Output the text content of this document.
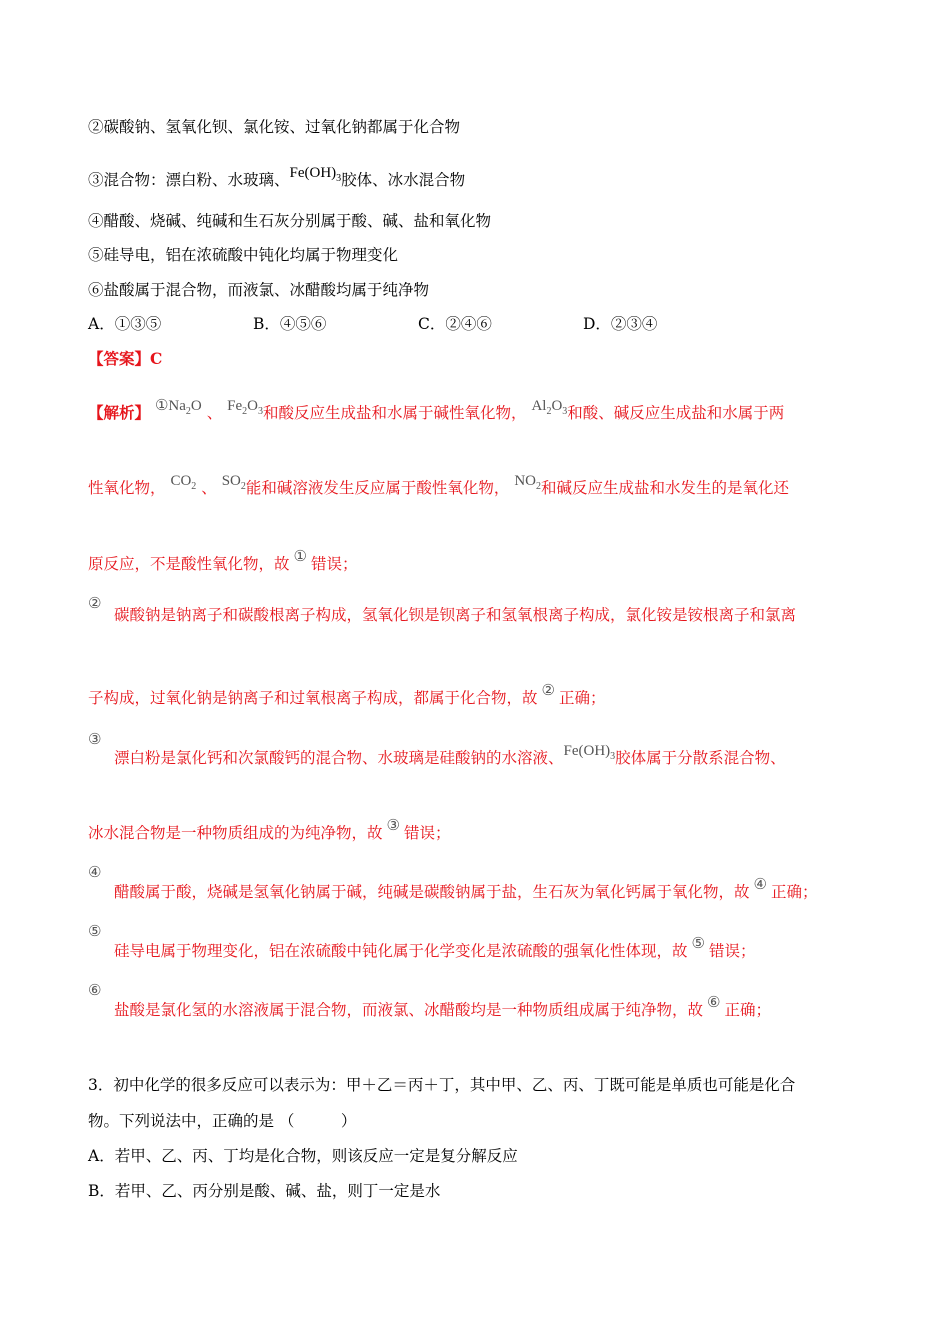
②碳酸钠、氢氧化钡、氯化铵、过氧化钠都属于化合物
③混合物：漂白粉、水玻璃、$Fe(OH)_3$胶体、冰水混合物
④醋酸、烧碱、纯碱和生石灰分别属于酸、碱、盐和氧化物
⑤硅导电，铝在浓硫酸中钝化均属于物理变化
⑥盐酸属于混合物，而液氯、冰醋酸均属于纯净物
A．①③⑤	B．④⑤⑥	C．②④⑥	D．②③④
【答案】C
【解析】 $①Na_2O$ 、 $Fe_2O_3$和酸反应生成盐和水属于碱性氧化物， $Al_2O_3$和酸、碱反应生成盐和水属于两
性氧化物， $CO_2$ 、 $SO_2$能和碱溶液发生反应属于酸性氧化物， $NO_2$和碱反应生成盐和水发生的是氧化还
原反应，不是酸性氧化物，故 ① 错误；
②
碳酸钠是钠离子和碳酸根离子构成，氢氧化钡是钡离子和氢氧根离子构成，氯化铵是铵根离子和氯离
子构成，过氧化钠是钠离子和过氧根离子构成，都属于化合物，故 ② 正确；
③
漂白粉是氯化钙和次氯酸钙的混合物、水玻璃是硅酸钠的水溶液、$Fe(OH)_3$胶体属于分散系混合物、
冰水混合物是一种物质组成的为纯净物，故 ③ 错误；
④
醋酸属于酸，烧碱是氢氧化钠属于碱，纯碱是碳酸钠属于盐，生石灰为氧化钙属于氧化物，故 ④ 正确；
⑤
硅导电属于物理变化，铝在浓硫酸中钝化属于化学变化是浓硫酸的强氧化性体现，故 ⑤ 错误；
⑥
盐酸是氯化氢的水溶液属于混合物，而液氯、冰醋酸均是一种物质组成属于纯净物，故 ⑥ 正确；
3．初中化学的很多反应可以表示为：甲＋乙＝丙＋丁，其中甲、乙、丙、丁既可能是单质也可能是化合
物。下列说法中，正确的是 （　　　）
A．若甲、乙、丙、丁均是化合物，则该反应一定是复分解反应
B．若甲、乙、丙分别是酸、碱、盐，则丁一定是水
